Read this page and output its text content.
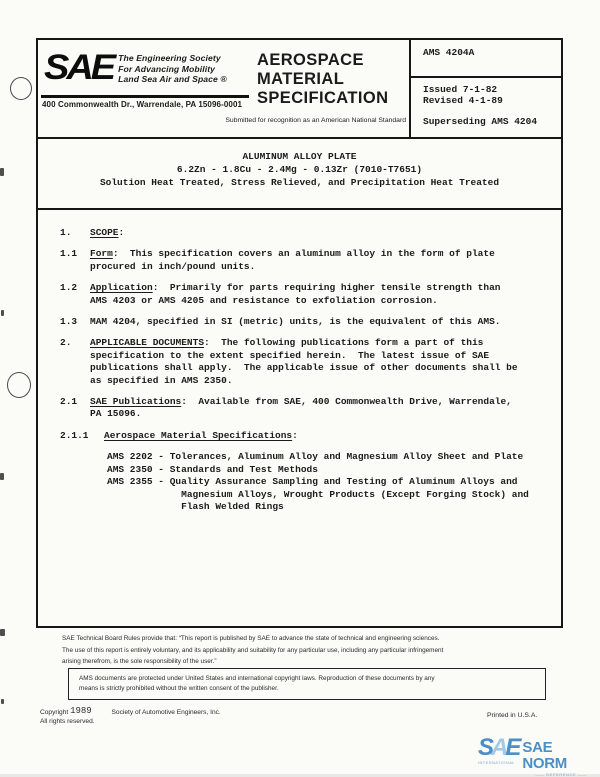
SAE The Engineering Society
For Advancing Mobility
Land Sea Air and Space ®
400 Commonwealth Dr., Warrendale, PA 15096-0001
AEROSPACE
MATERIAL
SPECIFICATION
Submitted for recognition as an American National Standard
AMS 4204A
Issued 7-1-82
Revised 4-1-89
Superseding AMS 4204
ALUMINUM ALLOY PLATE
6.2Zn - 1.8Cu - 2.4Mg - 0.13Zr (7010-T7651)
Solution Heat Treated, Stress Relieved, and Precipitation Heat Treated
1.	SCOPE:
1.1	Form:  This specification covers an aluminum alloy in the form of plate
procured in inch/pound units.
1.2	Application:  Primarily for parts requiring higher tensile strength than
AMS 4203 or AMS 4205 and resistance to exfoliation corrosion.
1.3	MAM 4204, specified in SI (metric) units, is the equivalent of this AMS.
2.	APPLICABLE DOCUMENTS:  The following publications form a part of this
specification to the extent specified herein.  The latest issue of SAE
publications shall apply.  The applicable issue of other documents shall be
as specified in AMS 2350.
2.1	SAE Publications:  Available from SAE, 400 Commonwealth Drive, Warrendale,
PA 15096.
2.1.1	Aerospace Material Specifications:
AMS 2202 - Tolerances, Aluminum Alloy and Magnesium Alloy Sheet and Plate
AMS 2350 - Standards and Test Methods
AMS 2355 - Quality Assurance Sampling and Testing of Aluminum Alloys and
Magnesium Alloys, Wrought Products (Except Forging Stock) and
Flash Welded Rings
SAE Technical Board Rules provide that: “This report is published by SAE to advance the state of technical and engineering sciences.
The use of this report is entirely voluntary, and its applicability and suitability for any particular use, including any particular infringement
arising therefrom, is the sole responsibility of the user.”
AMS documents are protected under United States and international copyright laws. Reproduction of these documents by any
means is strictly prohibited without the written consent of the publisher.
Copyright 1989	Society of Automotive Engineers, Inc.
All rights reserved.
Printed in U.S.A.
SAE
INTERNATIONAL
SAE NORM
—— REFERENCE ——
